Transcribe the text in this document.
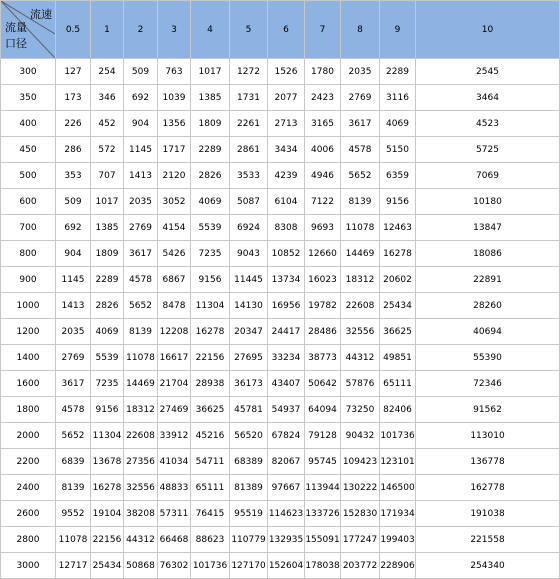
流速
流量
口径	0.5	1	2	3	4	5	6	7	8	9	10
300	127	254	509	763	1017	1272	1526	1780	2035	2289	2545
350	173	346	692	1039	1385	1731	2077	2423	2769	3116	3464
400	226	452	904	1356	1809	2261	2713	3165	3617	4069	4523
450	286	572	1145	1717	2289	2861	3434	4006	4578	5150	5725
500	353	707	1413	2120	2826	3533	4239	4946	5652	6359	7069
600	509	1017	2035	3052	4069	5087	6104	7122	8139	9156	10180
700	692	1385	2769	4154	5539	6924	8308	9693	11078	12463	13847
800	904	1809	3617	5426	7235	9043	10852	12660	14469	16278	18086
900	1145	2289	4578	6867	9156	11445	13734	16023	18312	20602	22891
1000	1413	2826	5652	8478	11304	14130	16956	19782	22608	25434	28260
1200	2035	4069	8139	12208	16278	20347	24417	28486	32556	36625	40694
1400	2769	5539	11078	16617	22156	27695	33234	38773	44312	49851	55390
1600	3617	7235	14469	21704	28938	36173	43407	50642	57876	65111	72346
1800	4578	9156	18312	27469	36625	45781	54937	64094	73250	82406	91562
2000	5652	11304	22608	33912	45216	56520	67824	79128	90432	101736	113010
2200	6839	13678	27356	41034	54711	68389	82067	95745	109423	123101	136778
2400	8139	16278	32556	48833	65111	81389	97667	113944	130222	146500	162778
2600	9552	19104	38208	57311	76415	95519	114623	133726	152830	171934	191038
2800	11078	22156	44312	66468	88623	110779	132935	155091	177247	199403	221558
3000	12717	25434	50868	76302	101736	127170	152604	178038	203772	228906	254340
